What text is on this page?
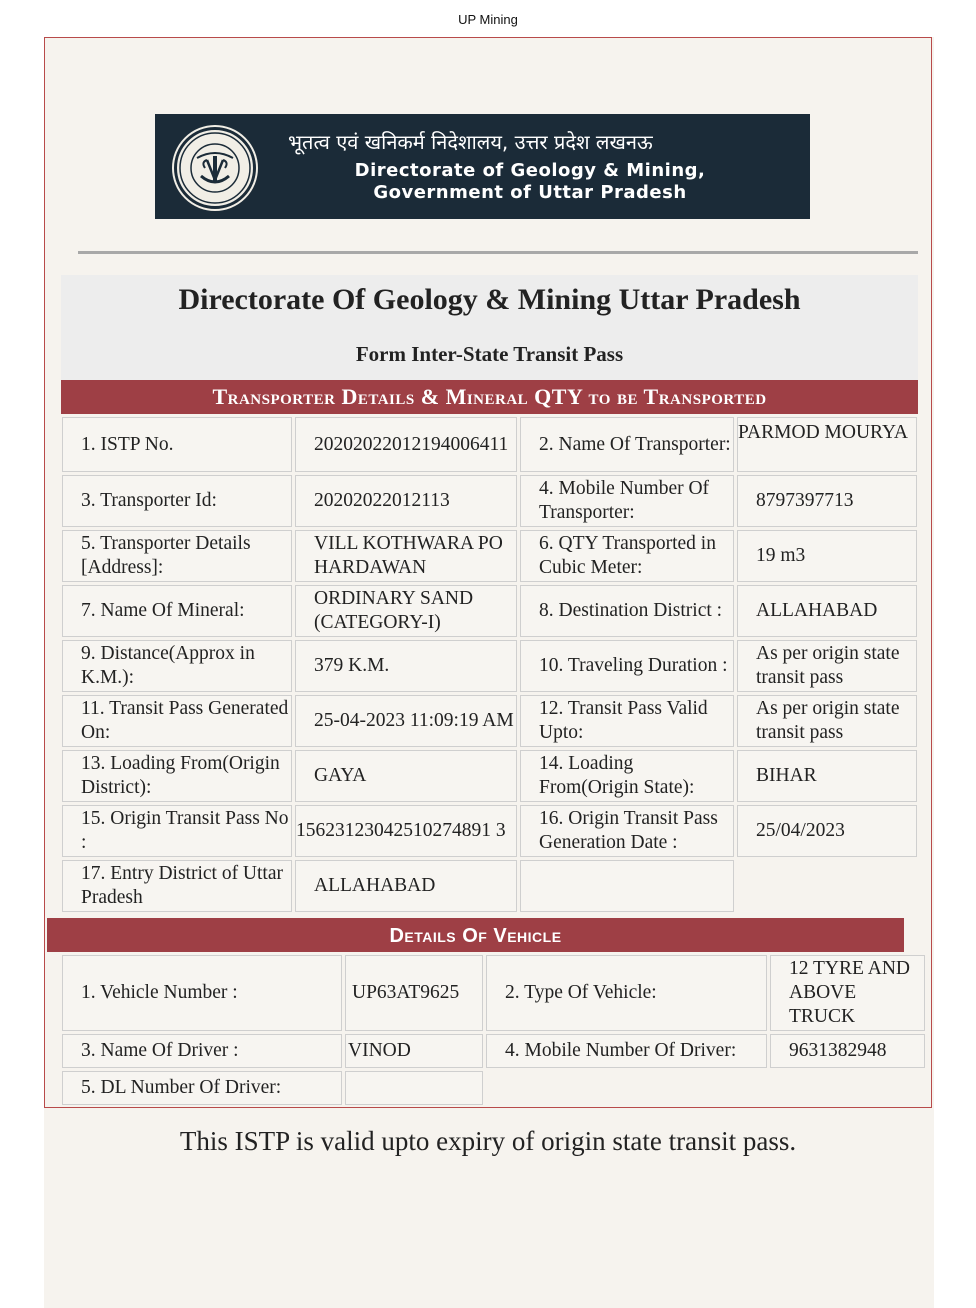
UP Mining
भूतत्व एवं खनिकर्म निदेशालय, उत्तर प्रदेश लखनऊ
Directorate of Geology & Mining,
Government of Uttar Pradesh
Directorate Of Geology & Mining Uttar Pradesh
Form Inter-State Transit Pass
Transporter Details & Mineral QTY to be Transported
1. ISTP No.	20202022012194006411	2. Name Of Transporter:	PARMOD MOURYA
3. Transporter Id:	20202022012113	4. Mobile Number Of Transporter:	8797397713
5. Transporter Details [Address]:	VILL KOTHWARA PO HARDAWAN	6. QTY Transported in Cubic Meter:	19 m3
7. Name Of Mineral:	ORDINARY SAND (CATEGORY-I)	8. Destination District :	ALLAHABAD
9. Distance(Approx in K.M.):	379 K.M.	10. Traveling Duration :	As per origin state transit pass
11. Transit Pass Generated On:	25-04-2023 11:09:19 AM	12. Transit Pass Valid Upto:	As per origin state transit pass
13. Loading From(Origin District):	GAYA	14. Loading From(Origin State):	BIHAR
15. Origin Transit Pass No :	15623123042510274891 3	16. Origin Transit Pass Generation Date :	25/04/2023
17. Entry District of Uttar Pradesh	ALLAHABAD		
Details Of Vehicle
1. Vehicle Number :	UP63AT9625	2. Type Of Vehicle:	12 TYRE AND ABOVE TRUCK
3. Name Of Driver :	VINOD	4. Mobile Number Of Driver:	9631382948
5. DL Number Of Driver:			
This ISTP is valid upto expiry of origin state transit pass.
